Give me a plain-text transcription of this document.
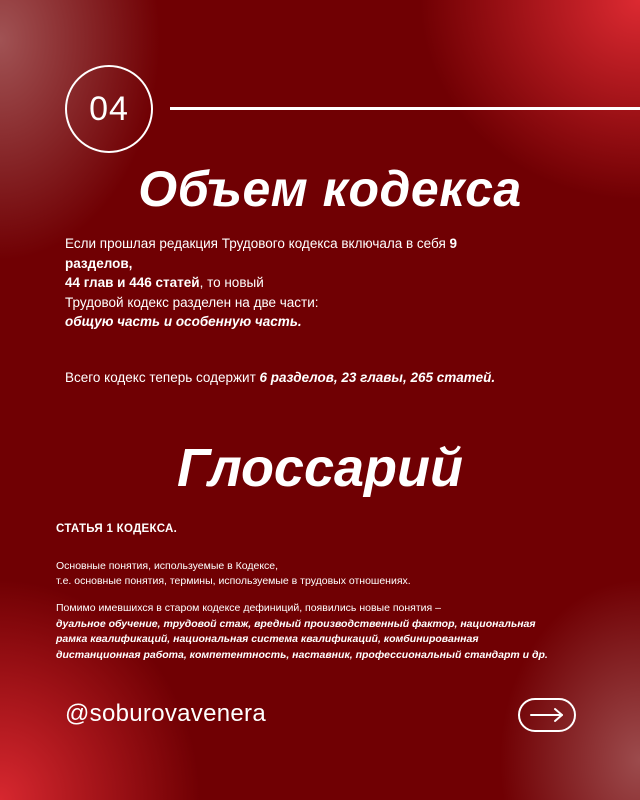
04
Объем кодекса
Если прошлая редакция Трудового кодекса включала в себя 9
разделов,
44 глав и 446 статей, то новый
Трудовой кодекс разделен на две части:
общую часть и особенную часть.
Всего кодекс теперь содержит 6 разделов, 23 главы, 265 статей.
Глоссарий
СТАТЬЯ 1 КОДЕКСА.
Основные понятия, используемые в Кодексе,
т.е. основные понятия, термины, используемые в трудовых отношениях.
Помимо имевшихся в старом кодексе дефиниций, появились новые понятия –
дуальное обучение, трудовой стаж, вредный производственный фактор, национальная
рамка квалификаций, национальная система квалификаций, комбинированная
дистанционная работа, компетентность, наставник, профессиональный стандарт и др.
@soburovavenera
